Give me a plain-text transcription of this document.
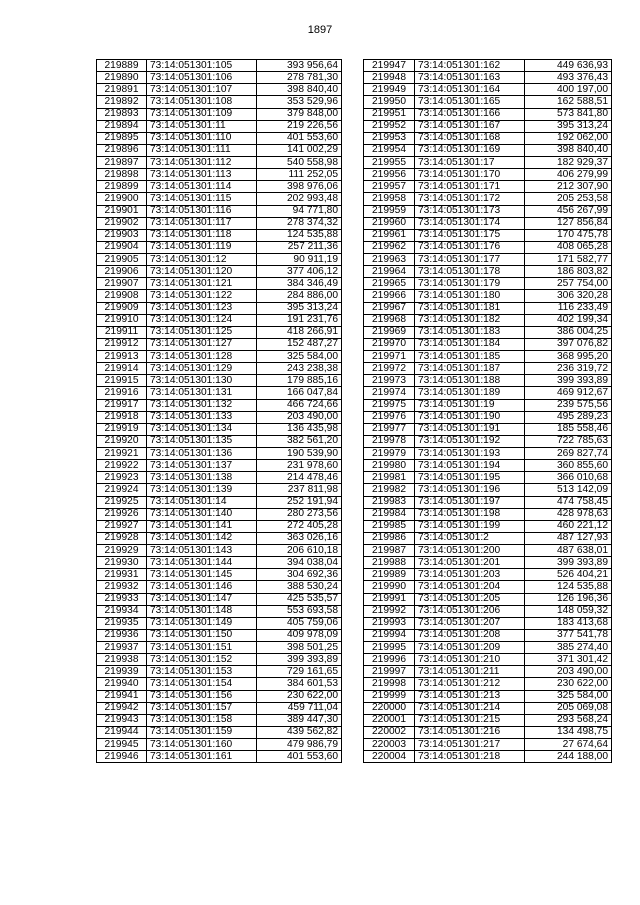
1897
219889	73:14:051301:105	393 956,64
219890	73:14:051301:106	278 781,30
219891	73:14:051301:107	398 840,40
219892	73:14:051301:108	353 529,96
219893	73:14:051301:109	379 848,00
219894	73:14:051301:11	219 226,56
219895	73:14:051301:110	401 553,60
219896	73:14:051301:111	141 002,29
219897	73:14:051301:112	540 558,98
219898	73:14:051301:113	111 252,05
219899	73:14:051301:114	398 976,06
219900	73:14:051301:115	202 993,48
219901	73:14:051301:116	94 771,80
219902	73:14:051301:117	278 374,32
219903	73:14:051301:118	124 535,88
219904	73:14:051301:119	257 211,36
219905	73:14:051301:12	90 911,19
219906	73:14:051301:120	377 406,12
219907	73:14:051301:121	384 346,49
219908	73:14:051301:122	284 886,00
219909	73:14:051301:123	395 313,24
219910	73:14:051301:124	191 231,76
219911	73:14:051301:125	418 266,91
219912	73:14:051301:127	152 487,27
219913	73:14:051301:128	325 584,00
219914	73:14:051301:129	243 238,38
219915	73:14:051301:130	179 885,16
219916	73:14:051301:131	166 047,84
219917	73:14:051301:132	466 724,66
219918	73:14:051301:133	203 490,00
219919	73:14:051301:134	136 435,98
219920	73:14:051301:135	382 561,20
219921	73:14:051301:136	190 539,90
219922	73:14:051301:137	231 978,60
219923	73:14:051301:138	214 478,46
219924	73:14:051301:139	237 811,98
219925	73:14:051301:14	252 191,94
219926	73:14:051301:140	280 273,56
219927	73:14:051301:141	272 405,28
219928	73:14:051301:142	363 026,16
219929	73:14:051301:143	206 610,18
219930	73:14:051301:144	394 038,04
219931	73:14:051301:145	304 692,36
219932	73:14:051301:146	388 530,24
219933	73:14:051301:147	425 535,57
219934	73:14:051301:148	553 693,58
219935	73:14:051301:149	405 759,06
219936	73:14:051301:150	409 978,09
219937	73:14:051301:151	398 501,25
219938	73:14:051301:152	399 393,89
219939	73:14:051301:153	729 161,65
219940	73:14:051301:154	384 601,53
219941	73:14:051301:156	230 622,00
219942	73:14:051301:157	459 711,04
219943	73:14:051301:158	389 447,30
219944	73:14:051301:159	439 562,82
219945	73:14:051301:160	479 986,79
219946	73:14:051301:161	401 553,60
219947	73:14:051301:162	449 636,93
219948	73:14:051301:163	493 376,43
219949	73:14:051301:164	400 197,00
219950	73:14:051301:165	162 588,51
219951	73:14:051301:166	573 841,80
219952	73:14:051301:167	395 313,24
219953	73:14:051301:168	192 062,00
219954	73:14:051301:169	398 840,40
219955	73:14:051301:17	182 929,37
219956	73:14:051301:170	406 279,99
219957	73:14:051301:171	212 307,90
219958	73:14:051301:172	205 253,58
219959	73:14:051301:173	456 267,99
219960	73:14:051301:174	127 856,84
219961	73:14:051301:175	170 475,78
219962	73:14:051301:176	408 065,28
219963	73:14:051301:177	171 582,77
219964	73:14:051301:178	186 803,82
219965	73:14:051301:179	257 754,00
219966	73:14:051301:180	306 320,28
219967	73:14:051301:181	116 233,49
219968	73:14:051301:182	402 199,34
219969	73:14:051301:183	386 004,25
219970	73:14:051301:184	397 076,82
219971	73:14:051301:185	368 995,20
219972	73:14:051301:187	236 319,72
219973	73:14:051301:188	399 393,89
219974	73:14:051301:189	469 912,67
219975	73:14:051301:19	239 575,56
219976	73:14:051301:190	495 289,23
219977	73:14:051301:191	185 558,46
219978	73:14:051301:192	722 785,63
219979	73:14:051301:193	269 827,74
219980	73:14:051301:194	360 855,60
219981	73:14:051301:195	366 010,68
219982	73:14:051301:196	513 142,09
219983	73:14:051301:197	474 758,45
219984	73:14:051301:198	428 978,63
219985	73:14:051301:199	460 221,12
219986	73:14:051301:2	487 127,93
219987	73:14:051301:200	487 638,01
219988	73:14:051301:201	399 393,89
219989	73:14:051301:203	526 404,21
219990	73:14:051301:204	124 535,88
219991	73:14:051301:205	126 196,36
219992	73:14:051301:206	148 059,32
219993	73:14:051301:207	183 413,68
219994	73:14:051301:208	377 541,78
219995	73:14:051301:209	385 274,40
219996	73:14:051301:210	371 301,42
219997	73:14:051301:211	203 490,00
219998	73:14:051301:212	230 622,00
219999	73:14:051301:213	325 584,00
220000	73:14:051301:214	205 069,08
220001	73:14:051301:215	293 568,24
220002	73:14:051301:216	134 498,75
220003	73:14:051301:217	27 674,64
220004	73:14:051301:218	244 188,00
